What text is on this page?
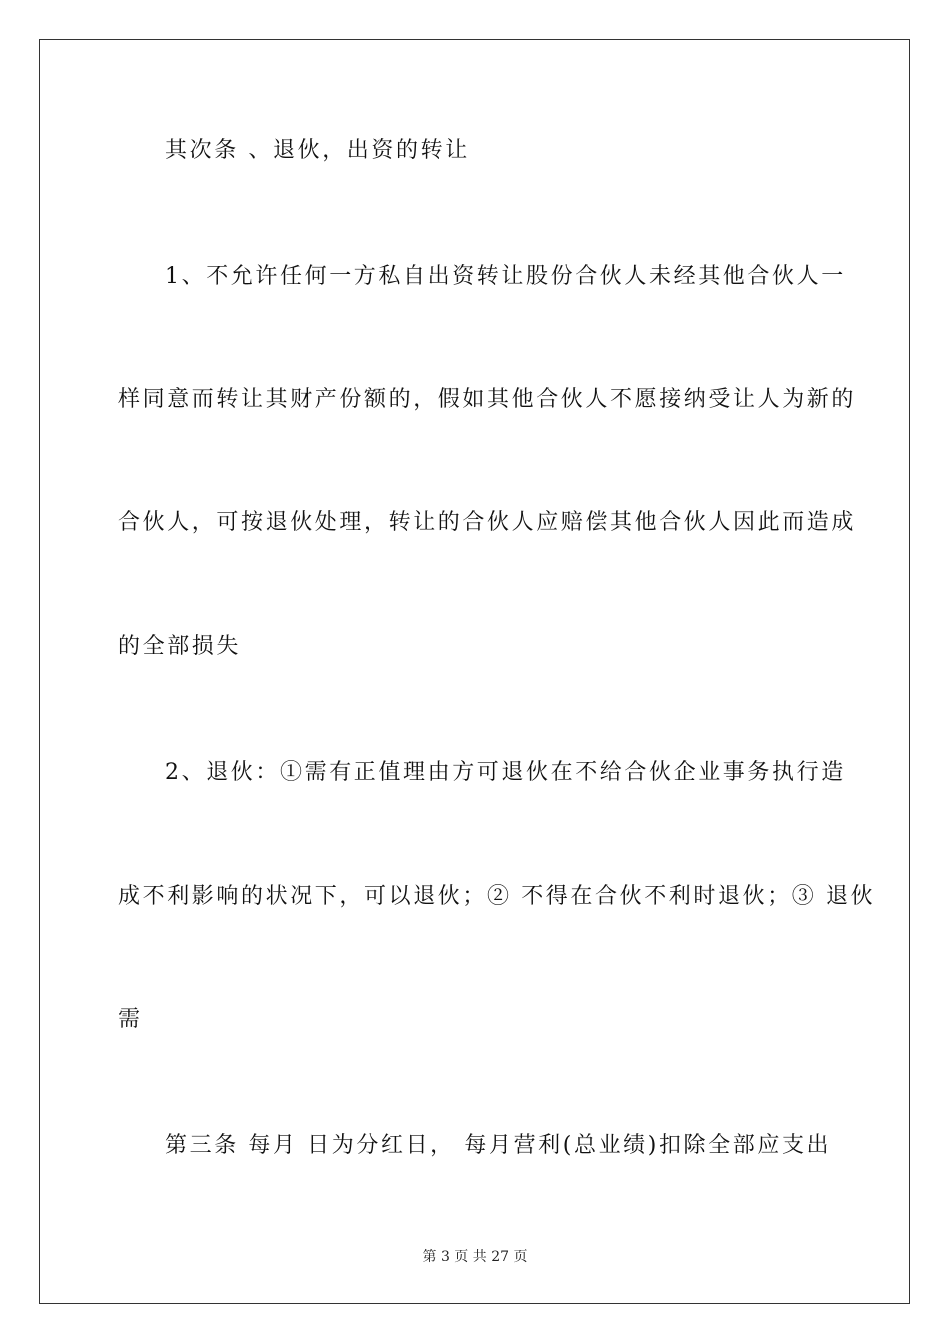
其次条 、退伙，出资的转让
1、不允许任何一方私自出资转让股份合伙人未经其他合伙人一
样同意而转让其财产份额的，假如其他合伙人不愿接纳受让人为新的
合伙人，可按退伙处理，转让的合伙人应赔偿其他合伙人因此而造成
的全部损失
2、退伙：①需有正值理由方可退伙在不给合伙企业事务执行造
成不利影响的状况下，可以退伙；② 不得在合伙不利时退伙；③ 退伙
需
第三条 每月 日为分红日， 每月营利(总业绩)扣除全部应支出
第 3 页 共 27 页
